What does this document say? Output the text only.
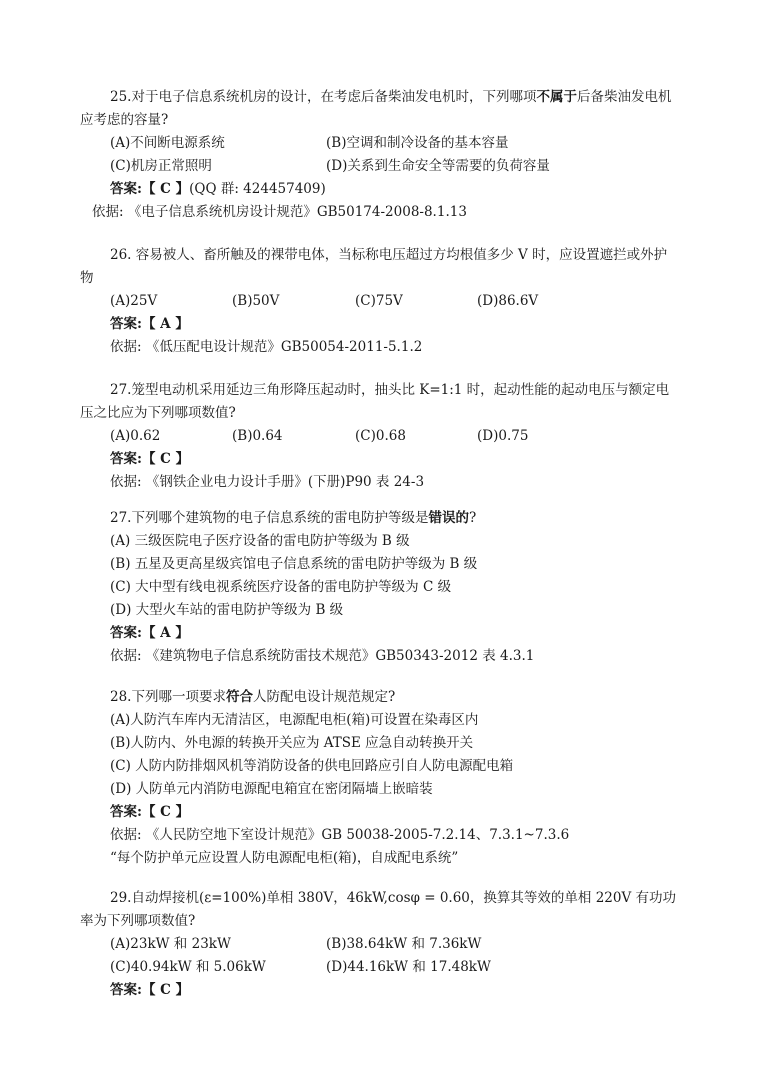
25.对于电子信息系统机房的设计，在考虑后备柴油发电机时，下列哪项不属于后备柴油发电机应考虑的容量?

(A)不间断电源系统	(B)空调和制冷设备的基本容量
(C)机房正常照明	(D)关系到生命安全等需要的负荷容量
答案:【 C 】(QQ 群: 424457409)
依据: 《电子信息系统机房设计规范》GB50174-2008-8.1.13

26. 容易被人、畜所触及的裸带电体，当标称电压超过方均根值多少 V 时，应设置遮拦或外护物

(A)25V	(B)50V	(C)75V	(D)86.6V
答案:【 A 】
依据: 《低压配电设计规范》GB50054-2011-5.1.2

27.笼型电动机采用延边三角形降压起动时，抽头比 K=1:1 时，起动性能的起动电压与额定电压之比应为下列哪项数值?

(A)0.62	(B)0.64	(C)0.68	(D)0.75
答案:【 C 】
依据: 《钢铁企业电力设计手册》(下册)P90 表 24-3

27.下列哪个建筑物的电子信息系统的雷电防护等级是错误的?

(A) 三级医院电子医疗设备的雷电防护等级为 B 级
(B) 五星及更高星级宾馆电子信息系统的雷电防护等级为 B 级
(C) 大中型有线电视系统医疗设备的雷电防护等级为 C 级
(D) 大型火车站的雷电防护等级为 B 级
答案:【 A 】
依据: 《建筑物电子信息系统防雷技术规范》GB50343-2012 表 4.3.1

28.下列哪一项要求符合人防配电设计规范规定?

(A)人防汽车库内无清洁区，电源配电柜(箱)可设置在染毒区内
(B)人防内、外电源的转换开关应为 ATSE 应急自动转换开关
(C) 人防内防排烟风机等消防设备的供电回路应引自人防电源配电箱
(D) 人防单元内消防电源配电箱宜在密闭隔墙上嵌暗装
答案:【 C 】
依据: 《人民防空地下室设计规范》GB 50038-2005-7.2.14、7.3.1~7.3.6
“每个防护单元应设置人防电源配电柜(箱)，自成配电系统”

29.自动焊接机(ε=100%)单相 380V，46kW,cosφ = 0.60，换算其等效的单相 220V 有功功率为下列哪项数值?

(A)23kW 和 23kW	(B)38.64kW 和 7.36kW
(C)40.94kW 和 5.06kW	(D)44.16kW 和 17.48kW
答案:【 C 】
